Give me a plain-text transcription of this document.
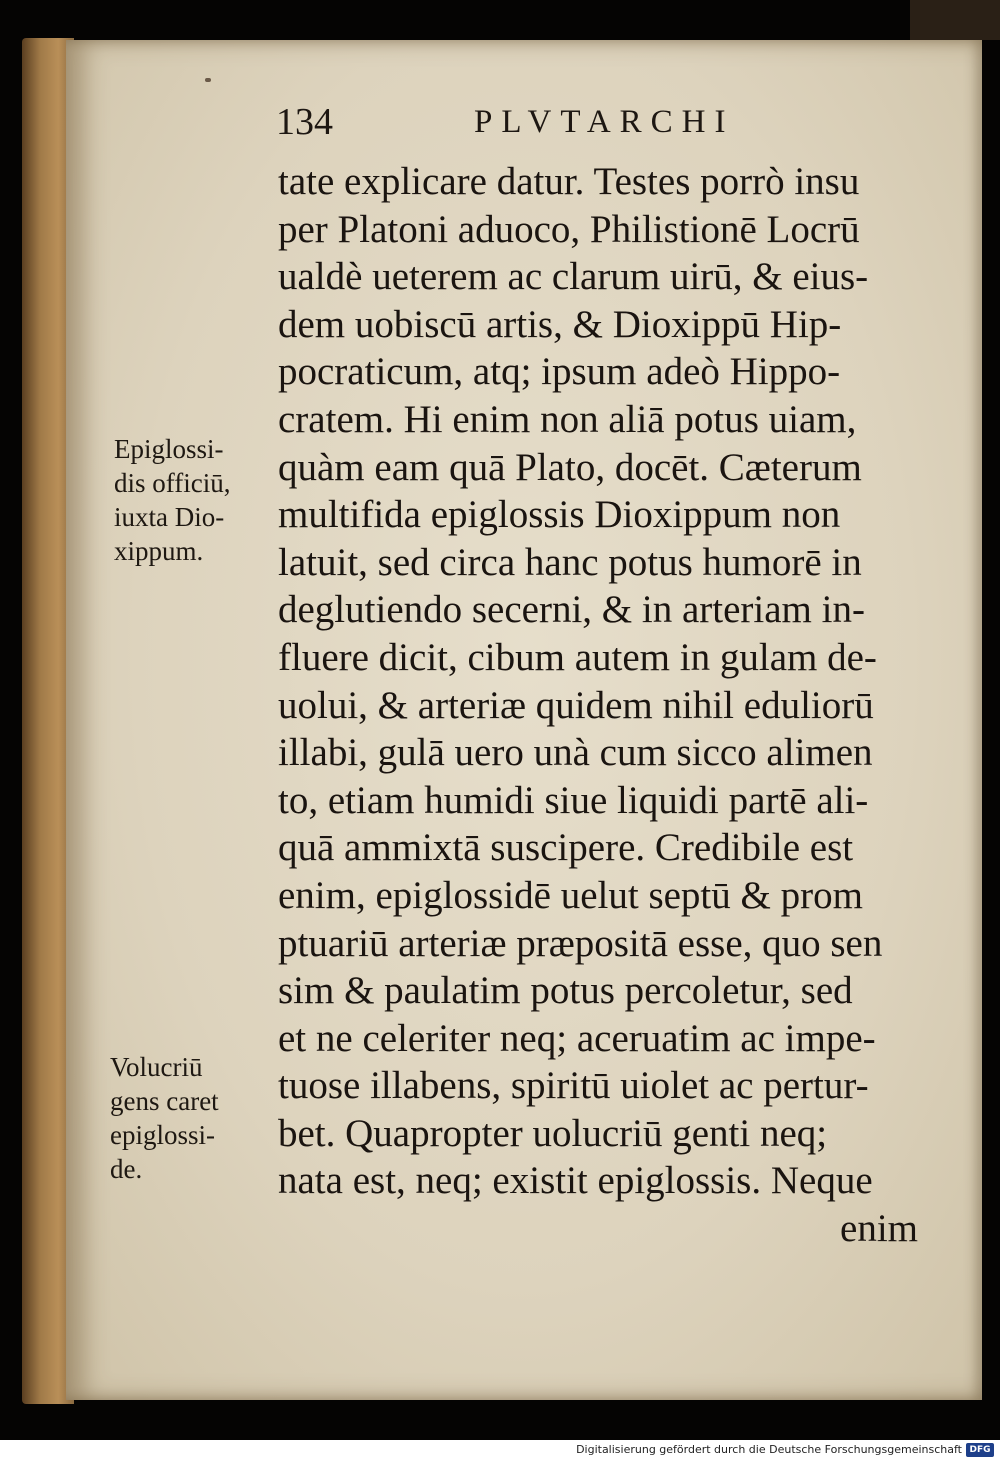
134	PLVTARCHI
Epiglossi-
dis officiū,
iuxta Dio-
xippum.
Volucriū
gens caret
epiglossi-
de.
tate explicare datur. Testes porrò insu
per Platoni aduoco, Philistionē Locrū
ualdè ueterem ac clarum uirū, & eius-
dem uobiscū artis, & Dioxippū Hip-
pocraticum, atq; ipsum adeò Hippo-
cratem. Hi enim non aliā potus uiam,
quàm eam quā Plato, docēt. Cæterum
multifida epiglossis Dioxippum non
latuit, sed circa hanc potus humorē in
deglutiendo secerni, & in arteriam in-
fluere dicit, cibum autem in gulam de-
uolui, & arteriæ quidem nihil eduliorū
illabi, gulā uero unà cum sicco alimen
to, etiam humidi siue liquidi partē ali-
quā ammixtā suscipere. Credibile est
enim, epiglossidē uelut septū & prom
ptuariū arteriæ præpositā esse, quo sen
sim & paulatim potus percoletur, sed
et ne celeriter neq; aceruatim ac impe-
tuose illabens, spiritū uiolet ac pertur-
bet. Quapropter uolucriū genti neq;
nata est, neq; existit epiglossis. Neque
enim
Digitalisierung gefördert durch die Deutsche Forschungsgemeinschaft DFG
